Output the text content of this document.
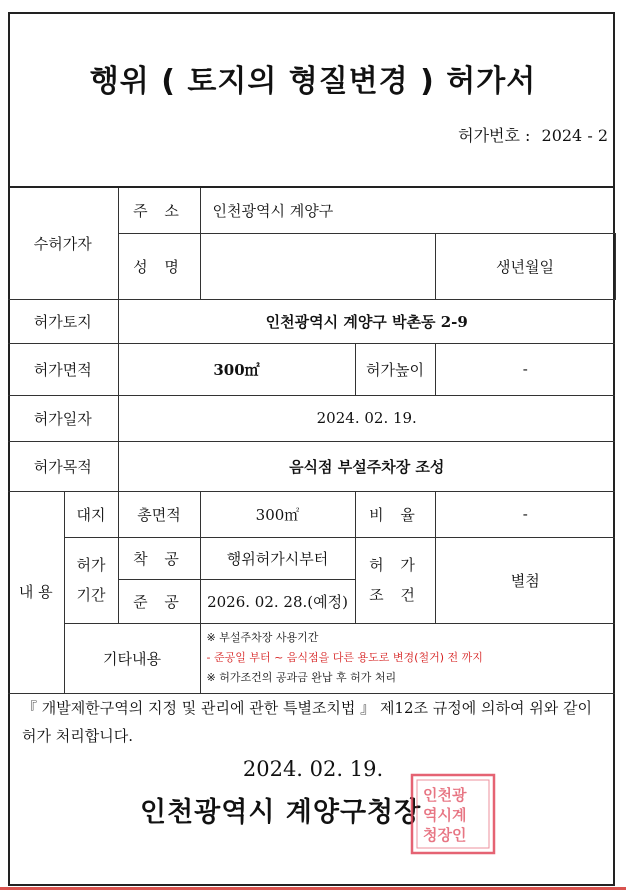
행위 ( 토지의 형질변경 ) 허가서
허가번호 : 2024 - 2
수허가자		주 소	인천광역시 계양구			
		성 명			생년월일	
허가토지		인천광역시 계양구 박촌동 2-9				
허가면적		300㎡		허가높이	-	
허가일자		2024. 02. 19.				
허가목적		음식점 부설주차장 조성				
내 용	대지	총면적	300㎡	비 율	-	
	허가 기간	착 공	행위허가시부터	허 가 조 건	별첨	
		준 공	2026. 02. 28.(예정)			
	기타내용		※ 부설주차장 사용기간
- 준공일 부터 ~ 음식점을 다른 용도로 변경(철거) 전 까지
※ 허가조건의 공과금 완납 후 허가 처리			
『 개발제한구역의 지정 및 관리에 관한 특별조치법 』 제12조 규정에 의하여 위와 같이 허가 처리합니다.
2024. 02. 19.
인천광역시 계양구청장
인천광
역시계
청장인
